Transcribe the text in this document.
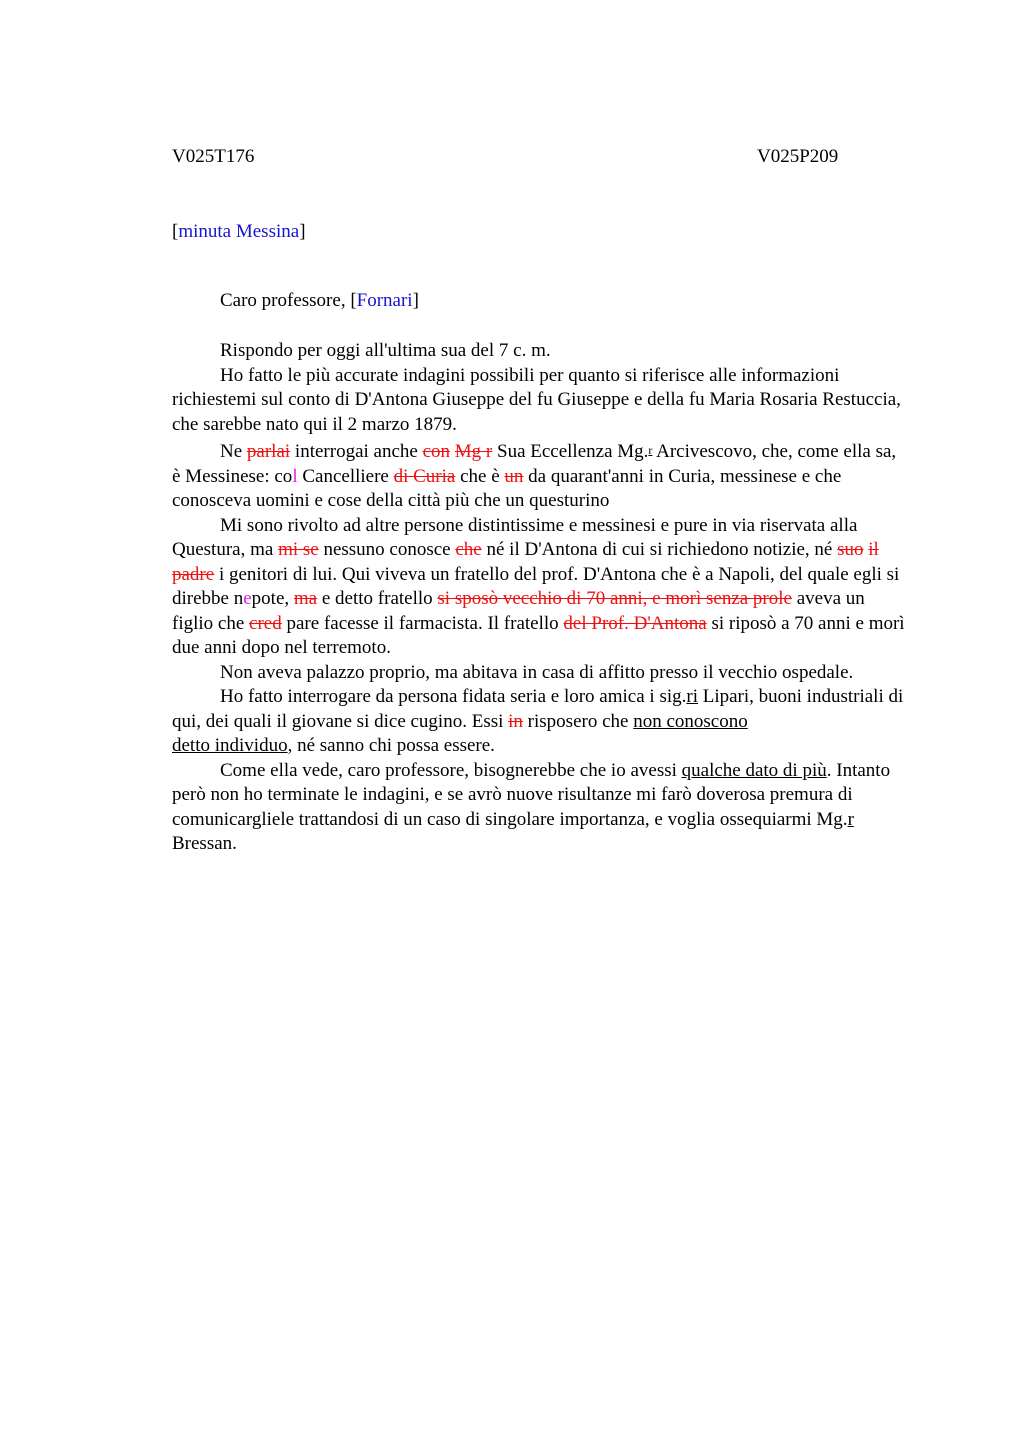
V025T176	V025P209
[minuta Messina]
Caro professore, [Fornari]

Rispondo per oggi all'ultima sua del 7 c. m.

Ho fatto le più accurate indagini possibili per quanto si riferisce alle informazioni richiestemi sul conto di D'Antona Giuseppe del fu Giuseppe e della fu Maria Rosaria Restuccia, che sarebbe nato qui il 2 marzo 1879.

Ne parlai interrogai anche con Mg r Sua Eccellenza Mg.$^r$ Arcivescovo, che, come ella sa, è Messinese: col Cancelliere di Curia che è un da quarant'anni in Curia, messinese e che conosceva uomini e cose della città più che un questurino

Mi sono rivolto ad altre persone distintissime e messinesi e pure in via riservata alla Questura, ma mi se nessuno conosce che né il D'Antona di cui si richiedono notizie, né suo il padre i genitori di lui. Qui viveva un fratello del prof. D'Antona che è a Napoli, del quale egli si direbbe nepote, ma e detto fratello si sposò vecchio di 70 anni, e morì senza prole aveva un figlio che cred pare facesse il farmacista. Il fratello del Prof. D'Antona si riposò a 70 anni e morì due anni dopo nel terremoto.

Non aveva palazzo proprio, ma abitava in casa di affitto presso il vecchio ospedale.

Ho fatto interrogare da persona fidata seria e loro amica i sig.ri Lipari, buoni industriali di qui, dei quali il giovane si dice cugino. Essi in risposero che non conoscono
detto individuo, né sanno chi possa essere.

Come ella vede, caro professore, bisognerebbe che io avessi qualche dato di più. Intanto però non ho terminate le indagini, e se avrò nuove risultanze mi farò doverosa premura di comunicargliele trattandosi di un caso di singolare importanza, e voglia ossequiarmi Mg.r Bressan.
